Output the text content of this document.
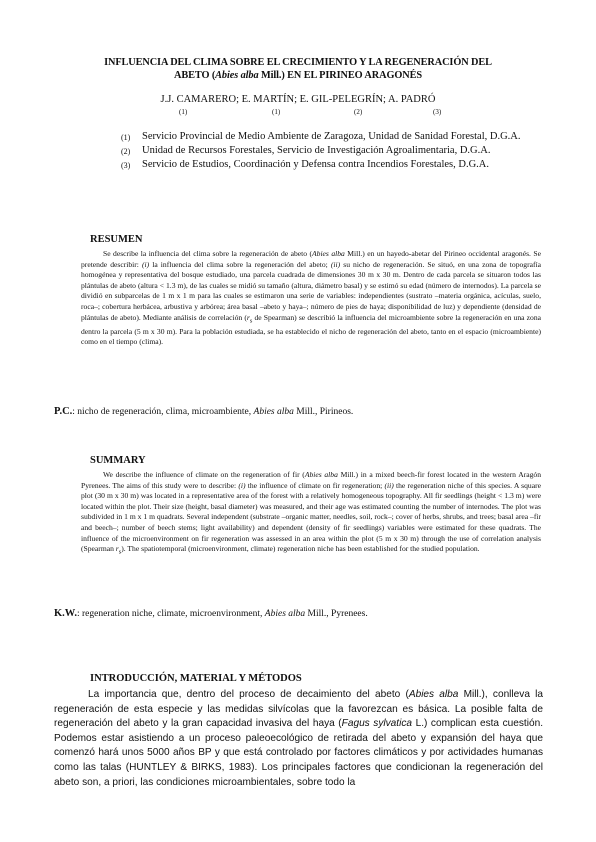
INFLUENCIA DEL CLIMA SOBRE EL CRECIMIENTO Y LA REGENERACIÓN DEL
ABETO (Abies alba Mill.) EN EL PIRINEO ARAGONÉS
J.J. CAMARERO; E. MARTÍN; E. GIL-PELEGRÍN; A. PADRÓ
(1)	(1)	(2)	(3)
(1) Servicio Provincial de Medio Ambiente de Zaragoza, Unidad de Sanidad Forestal, D.G.A.
(2) Unidad de Recursos Forestales, Servicio de Investigación Agroalimentaria, D.G.A.
(3) Servicio de Estudios, Coordinación y Defensa contra Incendios Forestales, D.G.A.
RESUMEN

Se describe la influencia del clima sobre la regeneración de abeto (Abies alba Mill.) en un hayedo-abetar del Pirineo occidental aragonés. Se pretende describir: (i) la influencia del clima sobre la regeneración del abeto; (ii) su nicho de regeneración. Se situó, en una zona de topografía homogénea y representativa del bosque estudiado, una parcela cuadrada de dimensiones 30 m x 30 m. Dentro de cada parcela se situaron todos las plántulas de abeto (altura < 1.3 m), de las cuales se midió su tamaño (altura, diámetro basal) y se estimó su edad (número de internodos). La parcela se dividió en subparcelas de 1 m x 1 m para las cuales se estimaron una serie de variables: independientes (sustrato –materia orgánica, acículas, suelo, roca–; cobertura herbácea, arbustiva y arbórea; área basal –abeto y haya–; número de pies de haya; disponibilidad de luz) y dependiente (densidad de plántulas de abeto). Mediante análisis de correlación ($r_s$ de Spearman) se describió la influencia del microambiente sobre la regeneración en una zona dentro la parcela (5 m x 30 m). Para la población estudiada, se ha establecido el nicho de regeneración del abeto, tanto en el espacio (microambiente) como en el tiempo (clima).

P.C.: nicho de regeneración, clima, microambiente, Abies alba Mill., Pirineos.
SUMMARY

We describe the influence of climate on the regeneration of fir (Abies alba Mill.) in a mixed beech-fir forest located in the western Aragón Pyrenees. The aims of this study were to describe: (i) the influence of climate on fir regeneration; (ii) the regeneration niche of this species. A square plot (30 m x 30 m) was located in a representative area of the forest with a relatively homogeneous topography. All fir seedlings (height < 1.3 m) were located within the plot. Their size (height, basal diameter) was measured, and their age was estimated counting the number of internodes. The plot was subdivided in 1 m x 1 m quadrats. Several independent (substrate –organic matter, needles, soil, rock–; cover of herbs, shrubs, and trees; basal area –fir and beech–; number of beech stems; light availability) and dependent (density of fir seedlings) variables were estimated for these quadrats. The influence of the microenvironment on fir regeneration was assessed in an area within the plot (5 m x 30 m) through the use of correlation analysis (Spearman $r_s$). The spatiotemporal (microenvironment, climate) regeneration niche has been established for the studied population.

K.W.: regeneration niche, climate, microenvironment, Abies alba Mill., Pyrenees.
INTRODUCCIÓN, MATERIAL Y MÉTODOS

La importancia que, dentro del proceso de decaimiento del abeto (Abies alba Mill.), conlleva la regeneración de esta especie y las medidas silvícolas que la favorezcan es básica. La posible falta de regeneración del abeto y la gran capacidad invasiva del haya (Fagus sylvatica L.) complican esta cuestión. Podemos estar asistiendo a un proceso paleoecológico de retirada del abeto y expansión del haya que comenzó hará unos 5000 años BP y que está controlado por factores climáticos y por actividades humanas como las talas (HUNTLEY & BIRKS, 1983). Los principales factores que condicionan la regeneración del abeto son, a priori, las condiciones microambientales, sobre todo la
